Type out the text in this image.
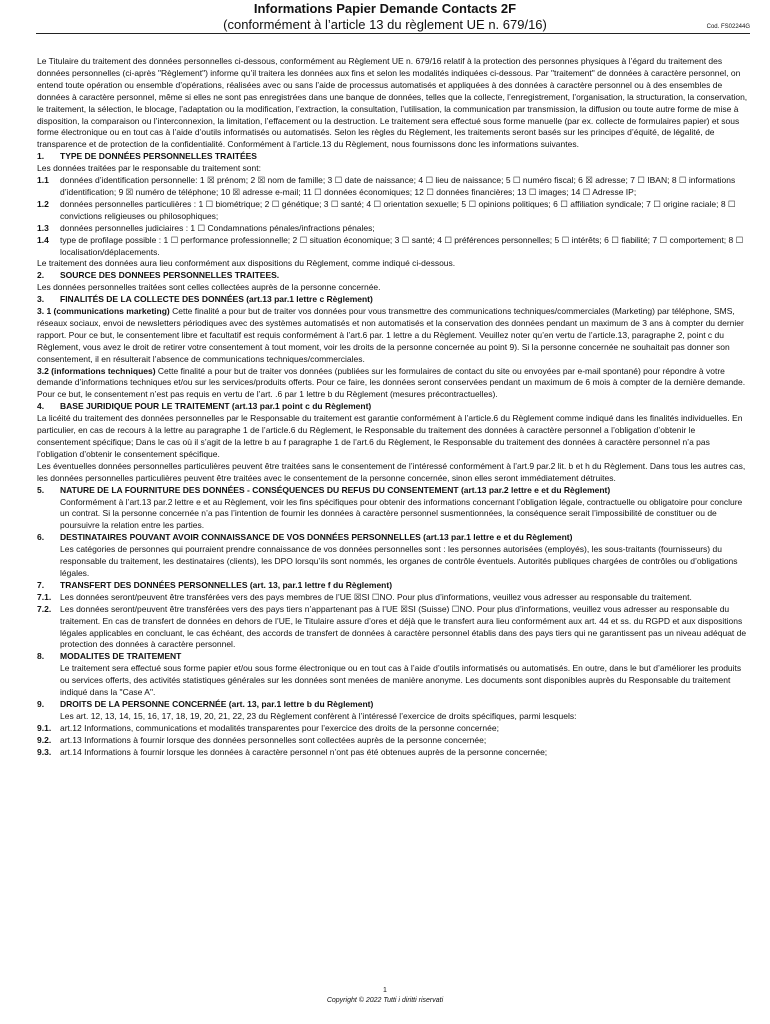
Informations Papier Demande Contacts 2F
(conformément à l’article 13 du règlement UE n. 679/16)	Cod. FS02244G

Le Titulaire du traitement des données personnelles ci-dessous, conformément au Règlement UE n. 679/16 relatif à la protection des personnes physiques à l’égard du traitement des données personnelles (ci-après "Règlement") informe qu’il traitera les données aux fins et selon les modalités indiquées ci-dessous. Par "traitement" de données à caractère personnel, on entend toute opération ou ensemble d’opérations, réalisées avec ou sans l’aide de processus automatisés et appliquées à des données à caractère personnel ou à des ensembles de données à caractère personnel, même si elles ne sont pas enregistrées dans une banque de données, telles que la collecte, l’enregistrement, l’organisation, la structuration, la conservation, le traitement, la sélection, le blocage, l’adaptation ou la modification, l’extraction, la consultation, l’utilisation, la communication par transmission, la diffusion ou toute autre forme de mise à disposition, la comparaison ou l’interconnexion, la limitation, l’effacement ou la destruction. Le traitement sera effectué sous forme manuelle (par ex. collecte de formulaires papier) et sous forme électronique ou en tout cas à l’aide d’outils informatisés ou automatisés. Selon les règles du Règlement, les traitements seront basés sur les principes d’équité, de légalité, de transparence et de protection de la confidentialité. Conformément à l’article.13 du Règlement, nous fournissons donc les informations suivantes.

1.	TYPE DE DONNÉES PERSONNELLES TRAITÉES

Les données traitées par le responsable du traitement sont:

1.1	données d’identification personnelle: 1 ☒ prénom; 2 ☒ nom de famille; 3 ☐ date de naissance; 4 ☐ lieu de naissance; 5 ☐ numéro fiscal; 6 ☒ adresse; 7 ☐ IBAN; 8 ☐ informations d’identification; 9 ☒ numéro de téléphone; 10 ☒ adresse e-mail; 11 ☐ données économiques; 12 ☐ données financières; 13 ☐ images; 14 ☐ Adresse IP;
1.2	données personnelles particulières : 1 ☐ biométrique; 2 ☐ génétique; 3 ☐ santé; 4 ☐ orientation sexuelle; 5 ☐ opinions politiques; 6 ☐ affiliation syndicale; 7 ☐ origine raciale; 8 ☐ convictions religieuses ou philosophiques;
1.3	données personnelles judiciaires : 1 ☐ Condamnations pénales/infractions pénales;
1.4	type de profilage possible : 1 ☐ performance professionnelle; 2 ☐ situation économique; 3 ☐ santé; 4 ☐ préférences personnelles; 5 ☐ intérêts; 6 ☐ fiabilité; 7 ☐ comportement; 8 ☐ localisation/déplacements.

Le traitement des données aura lieu conformément aux dispositions du Règlement, comme indiqué ci-dessous.

2.	SOURCE DES DONNEES PERSONNELLES TRAITEES.

Les données personnelles traitées sont celles collectées auprès de la personne concernée.

3.	FINALITÉS DE LA COLLECTE DES DONNÉES (art.13 par.1 lettre c Règlement)

3. 1 (communications marketing) Cette finalité a pour but de traiter vos données pour vous transmettre des communications techniques/commerciales (Marketing) par téléphone, SMS, réseaux sociaux, envoi de newsletters périodiques avec des systèmes automatisés et non automatisés et la conservation des données pendant un maximum de 3 ans à compter du dernier rapport. Pour ce but, le consentement libre et facultatif est requis conformément à l’art.6 par. 1 lettre a du Règlement. Veuillez noter qu’en vertu de l’article.13, paragraphe 2, point c du Règlement, vous avez le droit de retirer votre consentement à tout moment, voir les droits de la personne concernée au point 9). Si la personne concernée ne souhaitait pas donner son consentement, il en résulterait l’absence de communications techniques/commerciales.

3.2 (informations techniques) Cette finalité a pour but de traiter vos données (publiées sur les formulaires de contact du site ou envoyées par e-mail spontané) pour répondre à votre demande d’informations techniques et/ou sur les services/produits offerts. Pour ce faire, les données seront conservées pendant un maximum de 6 mois à compter de la dernière demande. Pour ce but, le consentement n’est pas requis en vertu de l’art. .6 par 1 lettre b du Règlement (mesures précontractuelles).

4.	BASE JURIDIQUE POUR LE TRAITEMENT (art.13 par.1 point c du Règlement)

La licéité du traitement des données personnelles par le Responsable du traitement est garantie conformément à l’article.6 du Règlement comme indiqué dans les finalités individuelles. En particulier, en cas de recours à la lettre au paragraphe 1 de l’article.6 du Règlement, le Responsable du traitement des données à caractère personnel a l’obligation d’obtenir le consentement spécifique; Dans le cas où il s’agit de la lettre b au f paragraphe 1 de l’art.6 du Règlement, le Responsable du traitement des données à caractère personnel n’a pas l’obligation d’obtenir le consentement spécifique.

Les éventuelles données personnelles particulières peuvent être traitées sans le consentement de l’intéressé conformément à l’art.9 par.2 lit. b et h du Règlement. Dans tous les autres cas, les données personnelles particulières peuvent être traitées avec le consentement de la personne concernée, sinon elles seront immédiatement détruites.

5.	NATURE DE LA FOURNITURE DES DONNÉES - CONSÉQUENCES DU REFUS DU CONSENTEMENT (art.13 par.2 lettre e et du Règlement)

Conformément à l’art.13 par.2 lettre e et au Règlement, voir les fins spécifiques pour obtenir des informations concernant l’obligation légale, contractuelle ou obligatoire pour conclure un contrat. Si la personne concernée n’a pas l’intention de fournir les données à caractère personnel susmentionnées, la conséquence serait l’impossibilité de constituer ou de poursuivre la relation entre les parties.

6.	DESTINATAIRES POUVANT AVOIR CONNAISSANCE DE VOS DONNÉES PERSONNELLES (art.13 par.1 lettre e et du Règlement)

Les catégories de personnes qui pourraient prendre connaissance de vos données personnelles sont : les personnes autorisées (employés), les sous-traitants (fournisseurs) du responsable du traitement, les destinataires (clients), les DPO lorsqu’ils sont nommés, les organes de contrôle éventuels. Autorités publiques chargées de contrôles ou d’obligations légales.

7.	TRANSFERT DES DONNÉES PERSONNELLES (art. 13, par.1 lettre f du Règlement)
7.1.	Les données seront/peuvent être transférées vers des pays membres de l’UE ☒SI ☐NO. Pour plus d’informations, veuillez vous adresser au responsable du traitement.
7.2.	Les données seront/peuvent être transférées vers des pays tiers n’appartenant pas à l’UE ☒SI (Suisse) ☐NO. Pour plus d’informations, veuillez vous adresser au responsable du traitement. En cas de transfert de données en dehors de l’UE, le Titulaire assure d’ores et déjà que le transfert aura lieu conformément aux art. 44 et ss. du RGPD et aux dispositions légales applicables en concluant, le cas échéant, des accords de transfert de données à caractère personnel établis dans des pays tiers qui ne garantissent pas un niveau adéquat de protection des données à caractère personnel.
8.	MODALITES DE TRAITEMENT

Le traitement sera effectué sous forme papier et/ou sous forme électronique ou en tout cas à l’aide d’outils informatisés ou automatisés. En outre, dans le but d’améliorer les produits ou services offerts, des activités statistiques générales sur les données sont menées de manière anonyme. Les documents sont disponibles auprès du Responsable du traitement indiqué dans la "Case A".

9.	DROITS DE LA PERSONNE CONCERNÉE (art. 13, par.1 lettre b du Règlement)

Les art. 12, 13, 14, 15, 16, 17, 18, 19, 20, 21, 22, 23 du Règlement confèrent à l’intéressé l’exercice de droits spécifiques, parmi lesquels:

9.1.	art.12 Informations, communications et modalités transparentes pour l’exercice des droits de la personne concernée;
9.2.	art.13 Informations à fournir lorsque des données personnelles sont collectées auprès de la personne concernée;
9.3.	art.14 Informations à fournir lorsque les données à caractère personnel n’ont pas été obtenues auprès de la personne concernée;
1
Copyright © 2022 Tutti i diritti riservati
